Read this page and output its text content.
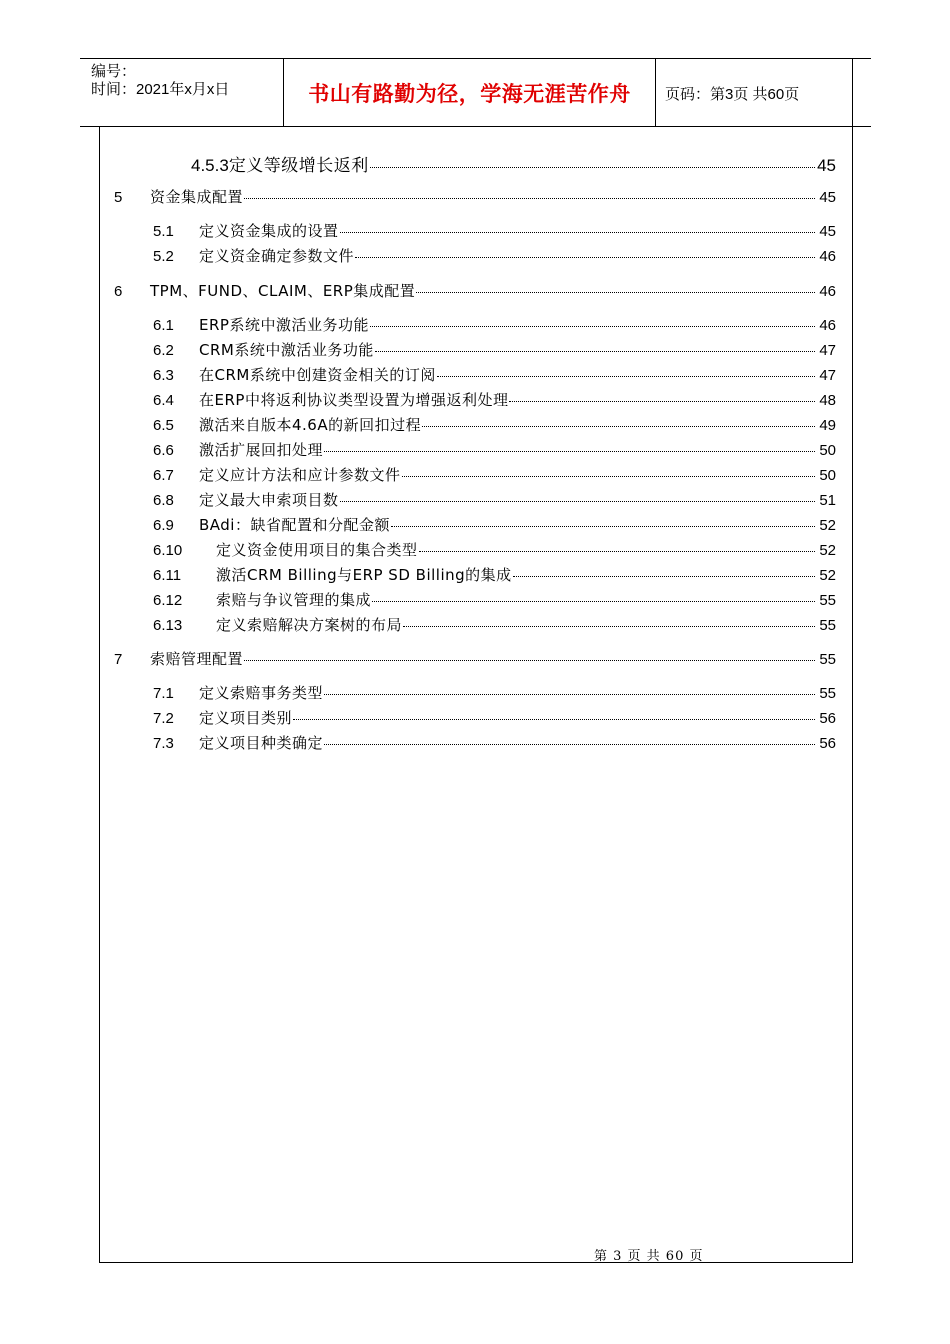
编号：
时间：2021年x月x日	书山有路勤为径，学海无涯苦作舟	页码：第3页 共60页
4.5.3 定义等级增长返利	45
5	资金集成配置	45
5.1	定义资金集成的设置	45
5.2	定义资金确定参数文件	46
6	TPM、FUND、CLAIM、ERP集成配置	46
6.1	ERP系统中激活业务功能	46
6.2	CRM系统中激活业务功能	47
6.3	在CRM系统中创建资金相关的订阅	47
6.4	在ERP中将返利协议类型设置为增强返利处理	48
6.5	激活来自版本4.6A的新回扣过程	49
6.6	激活扩展回扣处理	50
6.7	定义应计方法和应计参数文件	50
6.8	定义最大申索项目数	51
6.9	BAdi：缺省配置和分配金额	52
6.10	定义资金使用项目的集合类型	52
6.11	激活CRM Billing与ERP SD Billing的集成	52
6.12	索赔与争议管理的集成	55
6.13	定义索赔解决方案树的布局	55
7	索赔管理配置	55
7.1	定义索赔事务类型	55
7.2	定义项目类别	56
7.3	定义项目种类确定	56
第 3 页 共 60 页
